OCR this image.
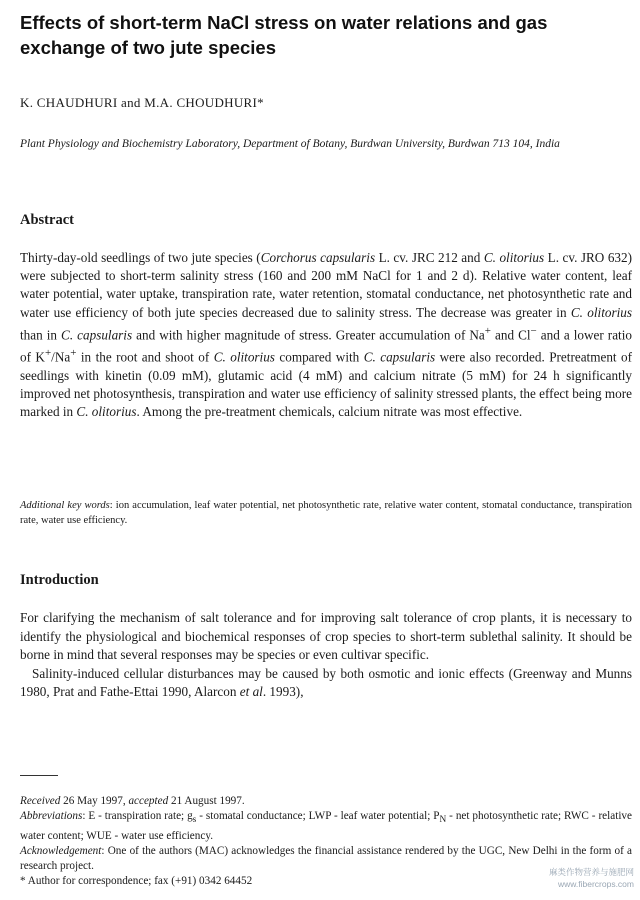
Effects of short-term NaCl stress on water relations and gas exchange of two jute species
K. CHAUDHURI and M.A. CHOUDHURI*
Plant Physiology and Biochemistry Laboratory, Department of Botany, Burdwan University, Burdwan 713 104, India
Abstract

Thirty-day-old seedlings of two jute species (Corchorus capsularis L. cv. JRC 212 and C. olitorius L. cv. JRO 632) were subjected to short-term salinity stress (160 and 200 mM NaCl for 1 and 2 d). Relative water content, leaf water potential, water uptake, transpiration rate, water retention, stomatal conductance, net photosynthetic rate and water use efficiency of both jute species decreased due to salinity stress. The decrease was greater in C. olitorius than in C. capsularis and with higher magnitude of stress. Greater accumulation of Na+ and Cl− and a lower ratio of K+/Na+ in the root and shoot of C. olitorius compared with C. capsularis were also recorded. Pretreatment of seedlings with kinetin (0.09 mM), glutamic acid (4 mM) and calcium nitrate (5 mM) for 24 h significantly improved net photosynthesis, transpiration and water use efficiency of salinity stressed plants, the effect being more marked in C. olitorius. Among the pre-treatment chemicals, calcium nitrate was most effective.

Additional key words: ion accumulation, leaf water potential, net photosynthetic rate, relative water content, stomatal conductance, transpiration rate, water use efficiency.
Introduction

For clarifying the mechanism of salt tolerance and for improving salt tolerance of crop plants, it is necessary to identify the physiological and biochemical responses of crop species to short-term sublethal salinity. It should be borne in mind that several responses may be species or even cultivar specific.

Salinity-induced cellular disturbances may be caused by both osmotic and ionic effects (Greenway and Munns 1980, Prat and Fathe-Ettai 1990, Alarcon et al. 1993),

Received 26 May 1997, accepted 21 August 1997.

Abbreviations: E - transpiration rate; $g_s$ - stomatal conductance; LWP - leaf water potential; $P_N$ - net photosynthetic rate; RWC - relative water content; WUE - water use efficiency.

Acknowledgement: One of the authors (MAC) acknowledges the financial assistance rendered by the UGC, New Delhi in the form of a research project.

* Author for correspondence; fax (+91) 0342 64452

麻类作物营养与施肥网
www.fibercrops.com
